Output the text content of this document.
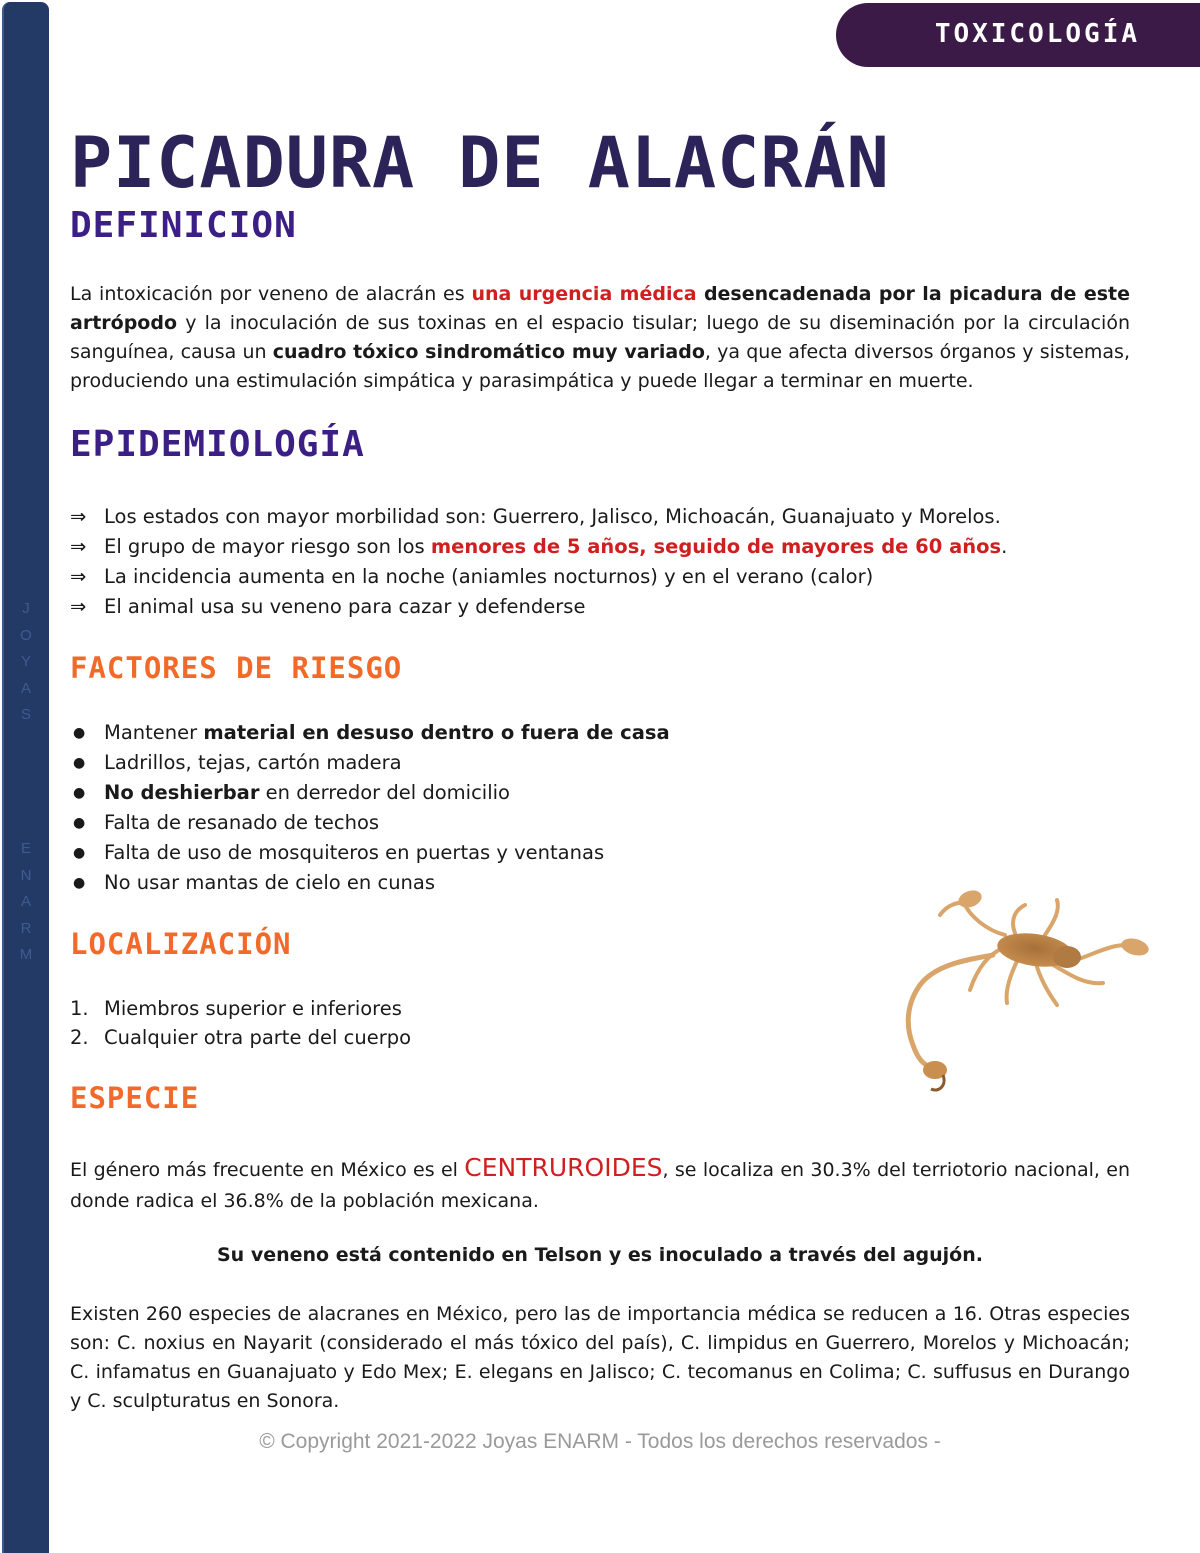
J
O
Y
A
S
E
N
A
R
M
TOXICOLOGÍA
PICADURA DE ALACRÁN
DEFINICION

La intoxicación por veneno de alacrán es una urgencia médica desencadenada por la picadura de este artrópodo y la inoculación de sus toxinas en el espacio tisular; luego de su diseminación por la circulación sanguínea, causa un cuadro tóxico sindromático muy variado, ya que afecta diversos órganos y sistemas, produciendo una estimulación simpática y parasimpática y puede llegar a terminar en muerte.

EPIDEMIOLOGÍA
⇒ Los estados con mayor morbilidad son: Guerrero, Jalisco, Michoacán, Guanajuato y Morelos.
⇒ El grupo de mayor riesgo son los menores de 5 años, seguido de mayores de 60 años.
⇒ La incidencia aumenta en la noche (aniamles nocturnos) y en el verano (calor)
⇒ El animal usa su veneno para cazar y defenderse
FACTORES DE RIESGO
● Mantener material en desuso dentro o fuera de casa
● Ladrillos, tejas, cartón madera
● No deshierbar en derredor del domicilio
● Falta de resanado de techos
● Falta de uso de mosquiteros en puertas y ventanas
● No usar mantas de cielo en cunas
LOCALIZACIÓN
1. Miembros superior e inferiores
2. Cualquier otra parte del cuerpo
ESPECIE

El género más frecuente en México es el CENTRUROIDES, se localiza en 30.3% del terriotorio nacional, en donde radica el 36.8% de la población mexicana.

Su veneno está contenido en Telson y es inoculado a través del agujón.

Existen 260 especies de alacranes en México, pero las de importancia médica se reducen a 16. Otras especies son: C. noxius en Nayarit (considerado el más tóxico del país), C. limpidus en Guerrero, Morelos y Michoacán; C. infamatus en Guanajuato y Edo Mex; E. elegans en Jalisco; C. tecomanus en Colima; C. suffusus en Durango y C. sculpturatus en Sonora.

© Copyright 2021-2022 Joyas ENARM - Todos los derechos reservados -
